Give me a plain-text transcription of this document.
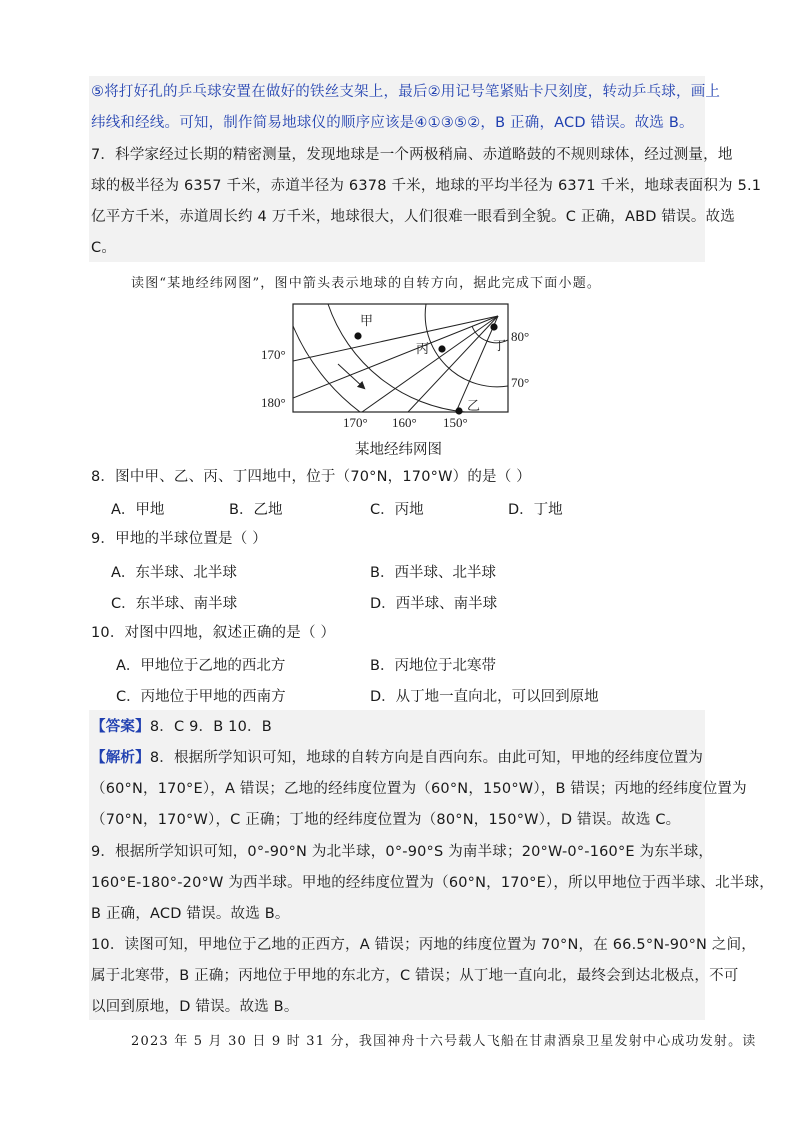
⑤将打好孔的乒乓球安置在做好的铁丝支架上，最后②用记号笔紧贴卡尺刻度，转动乒乓球，画上
纬线和经线。可知，制作简易地球仪的顺序应该是④①③⑤②，B 正确，ACD 错误。故选 B。
7．科学家经过长期的精密测量，发现地球是一个两极稍扁、赤道略鼓的不规则球体，经过测量，地
球的极半径为 6357 千米，赤道半径为 6378 千米，地球的平均半径为 6371 千米，地球表面积为 5.1
亿平方千米，赤道周长约 4 万千米，地球很大，人们很难一眼看到全貌。C 正确，ABD 错误。故选
C。
读图“某地经纬网图”，图中箭头表示地球的自转方向，据此完成下面小题。
甲
乙
丙	丁
80°
70°
170°
180°
170° 160° 150°
某地经纬网图
8．图中甲、乙、丙、丁四地中，位于（70°N，170°W）的是（ ）
A．甲地	B．乙地	C．丙地	D．丁地
9．甲地的半球位置是（ ）
A．东半球、北半球	B．西半球、北半球
C．东半球、南半球	D．西半球、南半球
10．对图中四地，叙述正确的是（ ）
A．甲地位于乙地的西北方	B．丙地位于北寒带
C．丙地位于甲地的西南方	D．从丁地一直向北，可以回到原地
【答案】8．C 9．B 10．B
【解析】8．根据所学知识可知，地球的自转方向是自西向东。由此可知，甲地的经纬度位置为
（60°N，170°E），A 错误；乙地的经纬度位置为（60°N，150°W），B 错误；丙地的经纬度位置为
（70°N，170°W），C 正确；丁地的经纬度位置为（80°N，150°W），D 错误。故选 C。
9．根据所学知识可知，0°-90°N 为北半球，0°-90°S 为南半球；20°W-0°-160°E 为东半球，
160°E-180°-20°W 为西半球。甲地的经纬度位置为（60°N，170°E），所以甲地位于西半球、北半球，
B 正确，ACD 错误。故选 B。
10．读图可知，甲地位于乙地的正西方，A 错误；丙地的纬度位置为 70°N，在 66.5°N-90°N 之间，
属于北寒带，B 正确；丙地位于甲地的东北方，C 错误；从丁地一直向北，最终会到达北极点，不可
以回到原地，D 错误。故选 B。
2023 年 5 月 30 日 9 时 31 分，我国神舟十六号载人飞船在甘肃酒泉卫星发射中心成功发射。读
